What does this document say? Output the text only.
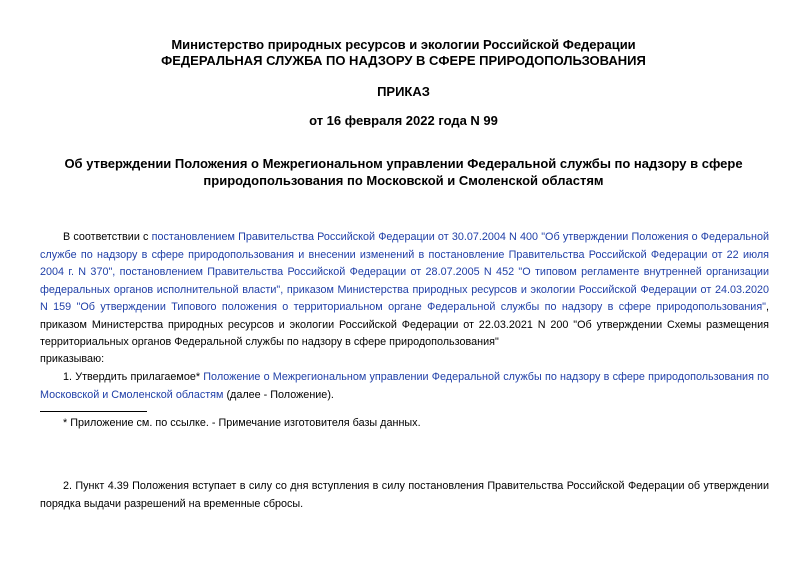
Министерство природных ресурсов и экологии Российской Федерации
ФЕДЕРАЛЬНАЯ СЛУЖБА ПО НАДЗОРУ В СФЕРЕ ПРИРОДОПОЛЬЗОВАНИЯ
ПРИКАЗ
от 16 февраля 2022 года N 99
Об утверждении Положения о Межрегиональном управлении Федеральной службы по надзору в сфере
природопользования по Московской и Смоленской областям
В соответствии с постановлением Правительства Российской Федерации от 30.07.2004 N 400 "Об утверждении Положения о Федеральной службе по надзору в сфере природопользования и внесении изменений в постановление Правительства Российской Федерации от 22 июля 2004 г. N 370", постановлением Правительства Российской Федерации от 28.07.2005 N 452 "О типовом регламенте внутренней организации федеральных органов исполнительной власти", приказом Министерства природных ресурсов и экологии Российской Федерации от 24.03.2020 N 159 "Об утверждении Типового положения о территориальном органе Федеральной службы по надзору в сфере природопользования", приказом Министерства природных ресурсов и экологии Российской Федерации от 22.03.2021 N 200 "Об утверждении Схемы размещения территориальных органов Федеральной службы по надзору в сфере природопользования"
приказываю:
1. Утвердить прилагаемое* Положение о Межрегиональном управлении Федеральной службы по надзору в сфере природопользования по Московской и Смоленской областям (далее - Положение).
* Приложение см. по ссылке. - Примечание изготовителя базы данных.
2. Пункт 4.39 Положения вступает в силу со дня вступления в силу постановления Правительства Российской Федерации об утверждении порядка выдачи разрешений на временные сбросы.
